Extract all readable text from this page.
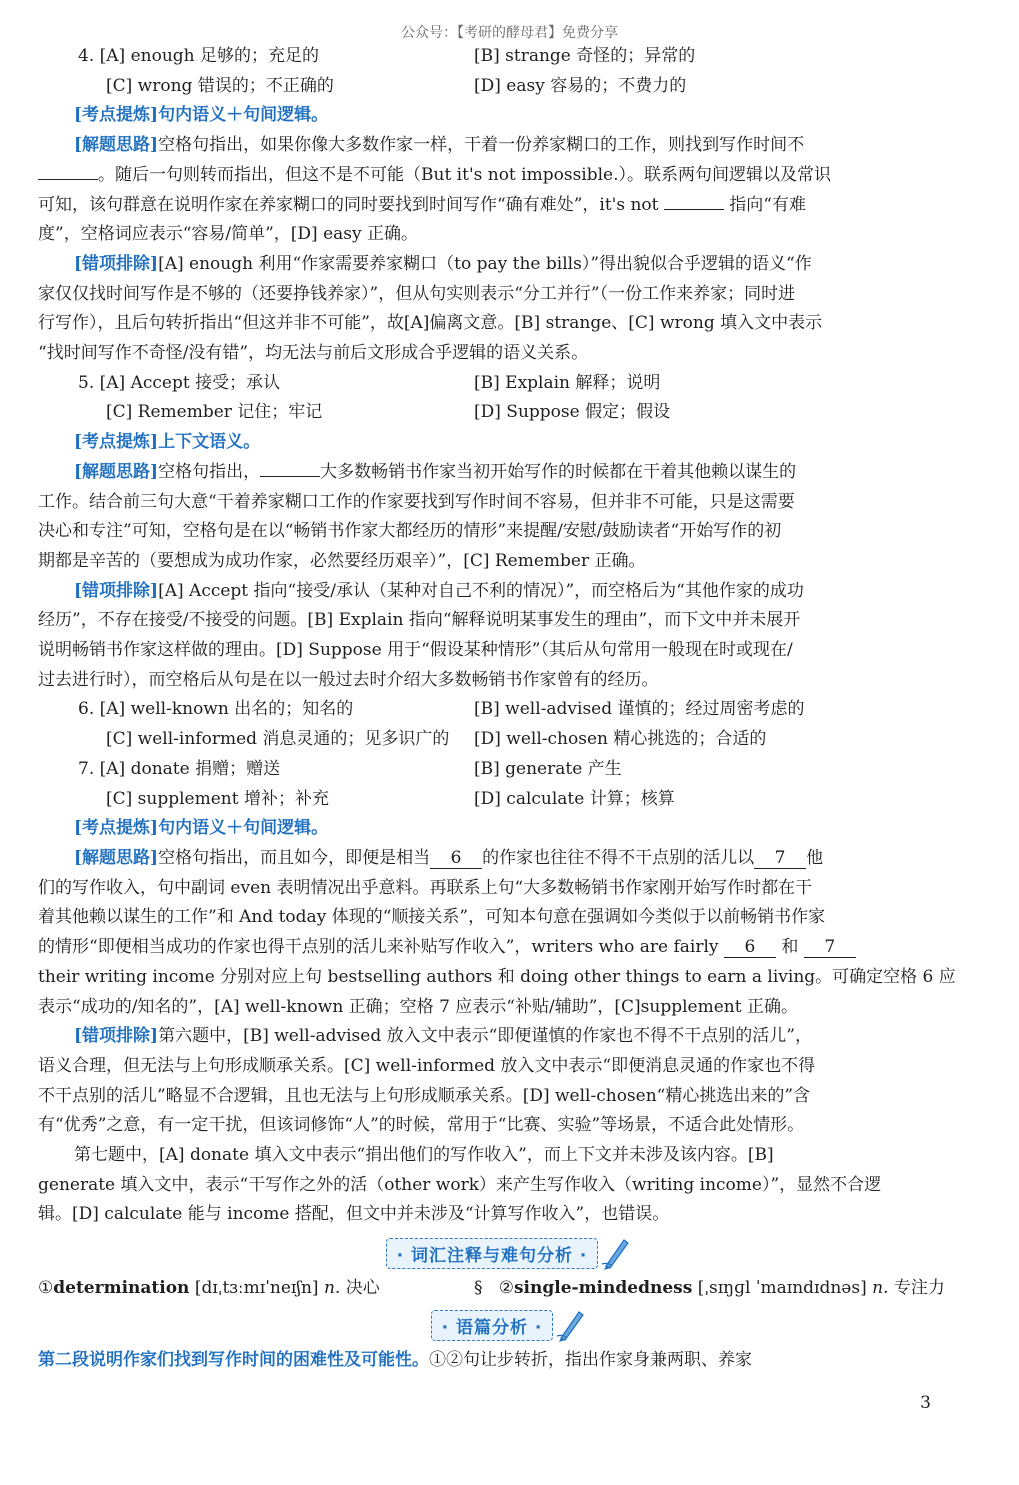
公众号：【考研的酵母君】免费分享
4. [A] enough 足够的；充足的	[B] strange 奇怪的；异常的
[C] wrong 错误的；不正确的	[D] easy 容易的；不费力的
[考点提炼]句内语义＋句间逻辑。
[解题思路]空格句指出，如果你像大多数作家一样，干着一份养家糊口的工作，则找到写作时间不
。随后一句则转而指出，但这不是不可能（But it's not impossible.）。联系两句间逻辑以及常识
可知，该句群意在说明作家在养家糊口的同时要找到时间写作“确有难处”，it's not	指向“有难
度”，空格词应表示“容易/简单”，[D] easy 正确。
[错项排除][A] enough 利用“作家需要养家糊口（to pay the bills）”得出貌似合乎逻辑的语义“作
家仅仅找时间写作是不够的（还要挣钱养家）”，但从句实则表示“分工并行”（一份工作来养家；同时进
行写作），且后句转折指出“但这并非不可能”，故[A]偏离文意。[B] strange、[C] wrong 填入文中表示
“找时间写作不奇怪/没有错”，均无法与前后文形成合乎逻辑的语义关系。
5. [A] Accept 接受；承认	[B] Explain 解释；说明
[C] Remember 记住；牢记	[D] Suppose 假定；假设
[考点提炼]上下文语义。
[解题思路]空格句指出，	大多数畅销书作家当初开始写作的时候都在干着其他赖以谋生的
工作。结合前三句大意“干着养家糊口工作的作家要找到写作时间不容易，但并非不可能，只是这需要
决心和专注”可知，空格句是在以“畅销书作家大都经历的情形”来提醒/安慰/鼓励读者“开始写作的初
期都是辛苦的（要想成为成功作家，必然要经历艰辛）”，[C] Remember 正确。
[错项排除][A] Accept 指向“接受/承认（某种对自己不利的情况）”，而空格后为“其他作家的成功
经历”，不存在接受/不接受的问题。[B] Explain 指向“解释说明某事发生的理由”，而下文中并未展开
说明畅销书作家这样做的理由。[D] Suppose 用于“假设某种情形”（其后从句常用一般现在时或现在/
过去进行时），而空格后从句是在以一般过去时介绍大多数畅销书作家曾有的经历。
6. [A] well-known 出名的；知名的	[B] well-advised 谨慎的；经过周密考虑的
[C] well-informed 消息灵通的；见多识广的	[D] well-chosen 精心挑选的；合适的
7. [A] donate 捐赠；赠送	[B] generate 产生
[C] supplement 增补；补充	[D] calculate 计算；核算
[考点提炼]句内语义＋句间逻辑。
[解题思路]空格句指出，而且如今，即便是相当 6 的作家也往往不得不干点别的活儿以 7 他
们的写作收入，句中副词 even 表明情况出乎意料。再联系上句“大多数畅销书作家刚开始写作时都在干
着其他赖以谋生的工作”和 And today 体现的“顺接关系”，可知本句意在强调如今类似于以前畅销书作家
的情形“即便相当成功的作家也得干点别的活儿来补贴写作收入”，writers who are fairly 6 和 7
their writing income 分别对应上句 bestselling authors 和 doing other things to earn a living。可确定空格 6 应
表示“成功的/知名的”，[A] well-known 正确；空格 7 应表示“补贴/辅助”，[C]supplement 正确。
[错项排除]第六题中，[B] well-advised 放入文中表示“即便谨慎的作家也不得不干点别的活儿”，
语义合理，但无法与上句形成顺承关系。[C] well-informed 放入文中表示“即便消息灵通的作家也不得
不干点别的活儿”略显不合逻辑，且也无法与上句形成顺承关系。[D] well-chosen“精心挑选出来的”含
有“优秀”之意，有一定干扰，但该词修饰“人”的时候，常用于“比赛、实验”等场景，不适合此处情形。
第七题中，[A] donate 填入文中表示“捐出他们的写作收入”，而上下文并未涉及该内容。[B]
generate 填入文中，表示“干写作之外的活（other work）来产生写作收入（writing income）”，显然不合逻
辑。[D] calculate 能与 income 搭配，但文中并未涉及“计算写作收入”，也错误。
· 词汇注释与难句分析 ·
①determination [dɪˌtɜːmɪˈneɪʃn] n. 决心	§ ②single-mindedness [ˌsɪŋɡl ˈmaɪndɪdnəs] n. 专注力
· 语篇分析 ·
第二段说明作家们找到写作时间的困难性及可能性。①②句让步转折，指出作家身兼两职、养家
3
